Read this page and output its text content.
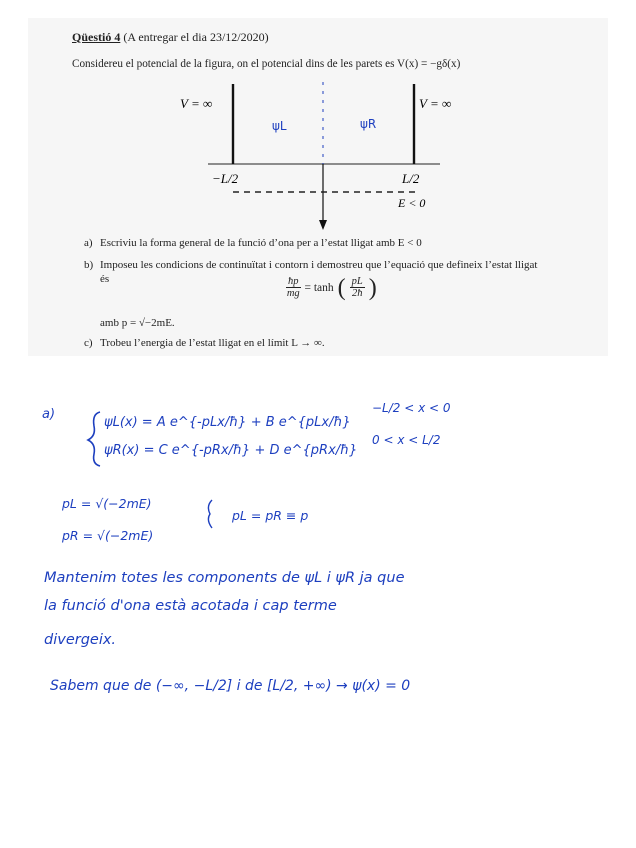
Qüestió 4 (A entregar el dia 23/12/2020)
Considereu el potencial de la figura, on el potencial dins de les parets es V(x) = −gδ(x)
V = ∞	V = ∞
−L/2	L/2
E < 0
ψL	ψR
a) Escriviu la forma general de la funció d’ona per a l’estat lligat amb E < 0
b) Imposeu les condicions de continuïtat i contorn i demostreu que l’equació que defineix l’estat lligat
és	$\frac{ħp}{mg} = \tanh$ ( $\frac{pL}{2ħ}$ )
amb p = √−2mE.
c) Trobeu l’energia de l’estat lligat en el límit L → ∞.
a)
ψL(x) = A e^{-pLx/ħ} + B e^{pLx/ħ}
−L/2 < x < 0
ψR(x) = C e^{-pRx/ħ} + D e^{pRx/ħ}
0 < x < L/2
pL = √(−2mE)
pR = √(−2mE)
pL = pR ≡ p
Mantenim totes les components de ψL i ψR ja que
la funció d'ona està acotada i cap terme
divergeix.
Sabem que de (−∞, −L/2] i de [L/2, +∞) → ψ(x) = 0
